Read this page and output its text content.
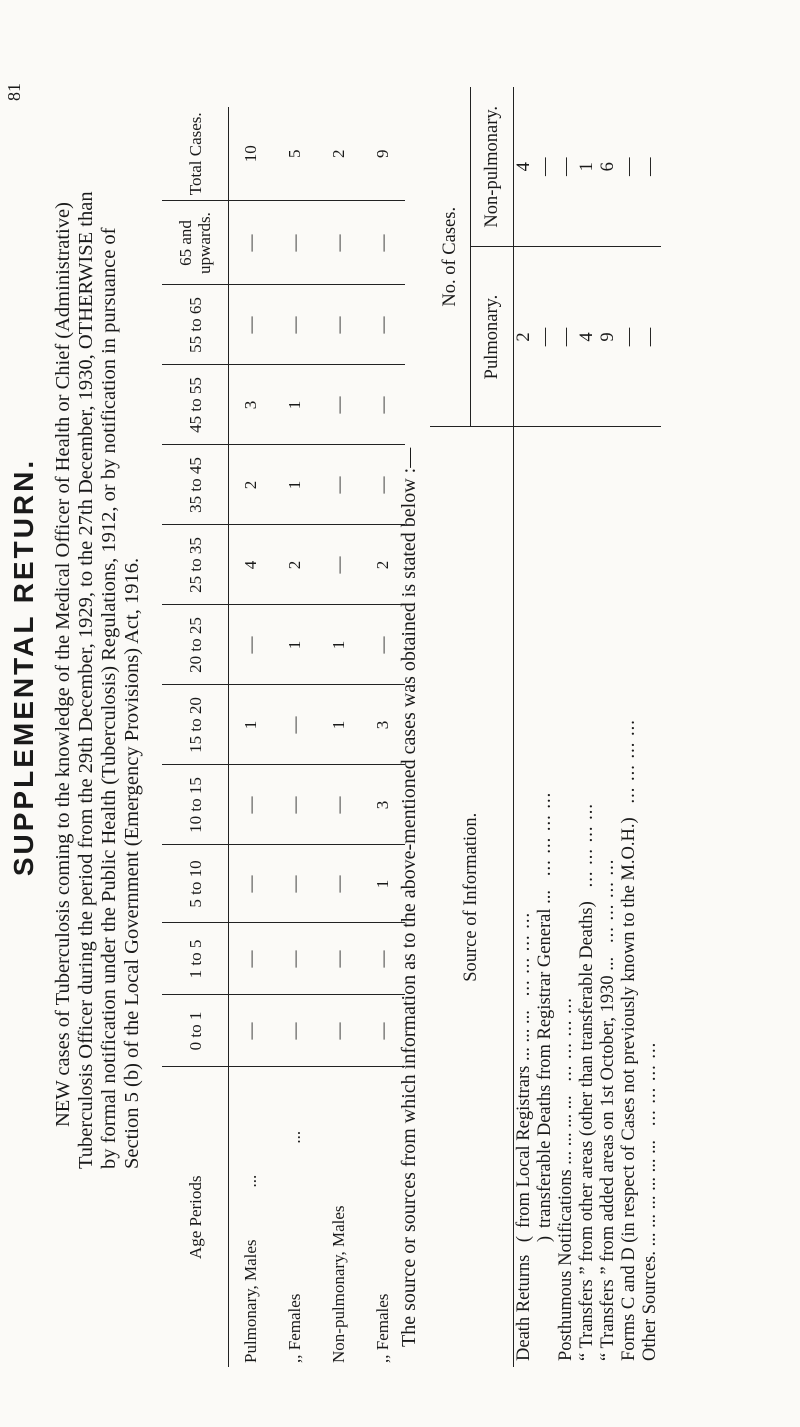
81
SUPPLEMENTAL RETURN. NEW cases of Tuberculosis coming to the knowledge of the Medical Officer of Health or Chief (Administrative) Tuberculosis Officer during the period from the 29th December, 1929, to the 27th December, 1930, OTHERWISE than by formal notification under the Public Health (Tuberculosis) Regulations, 1912, or by notification in pursuance of Section 5 (b) of the Local Government (Emergency Provisions) Act, 1916.
Age Periods	0 to 1	1 to 5	5 to 10	10 to 15	15 to 20	20 to 25	25 to 35	35 to 45	45 to 55	55 to 65	65 and upwards.	Total Cases.
Pulmonary, Males...	—	—	—	—	1	—	4	2	3	—	—	10
,, Females...	—	—	—	—	—	1	2	1	1	—	—	5
Non-pulmonary, Males	—	—	—	—	1	1	—	—	—	—	—	2
,, Females	—	—	1	3	3	—	2	—	—	—	—	9
The source or sources from which information as to the above-mentioned cases was obtained is stated below :— Source of Information.	No. of Cases.	
	Pulmonary.	Non-pulmonary.
Death Returns (from Local Registrars ... ... ...   ... ... ... ...	2	4
)transferable Deaths from Registrar General ...   ... ... ... ...	—	—
Posthumous Notifications ... ... ... ...   ... ... ... ...	—	—
“ Transfers ” from other areas (other than transferable Deaths)   ... ... ... ...	4	1
“ Transfers ” from added areas on 1st October, 1930 ...   ... ... ... ...	9	6
Forms C and D (in respect of Cases not previously known to the M.O.H.)   ... ... ... ...	—	—
Other Sources. ... ... ... ... ... ...   ... ... ... ...	—	—
